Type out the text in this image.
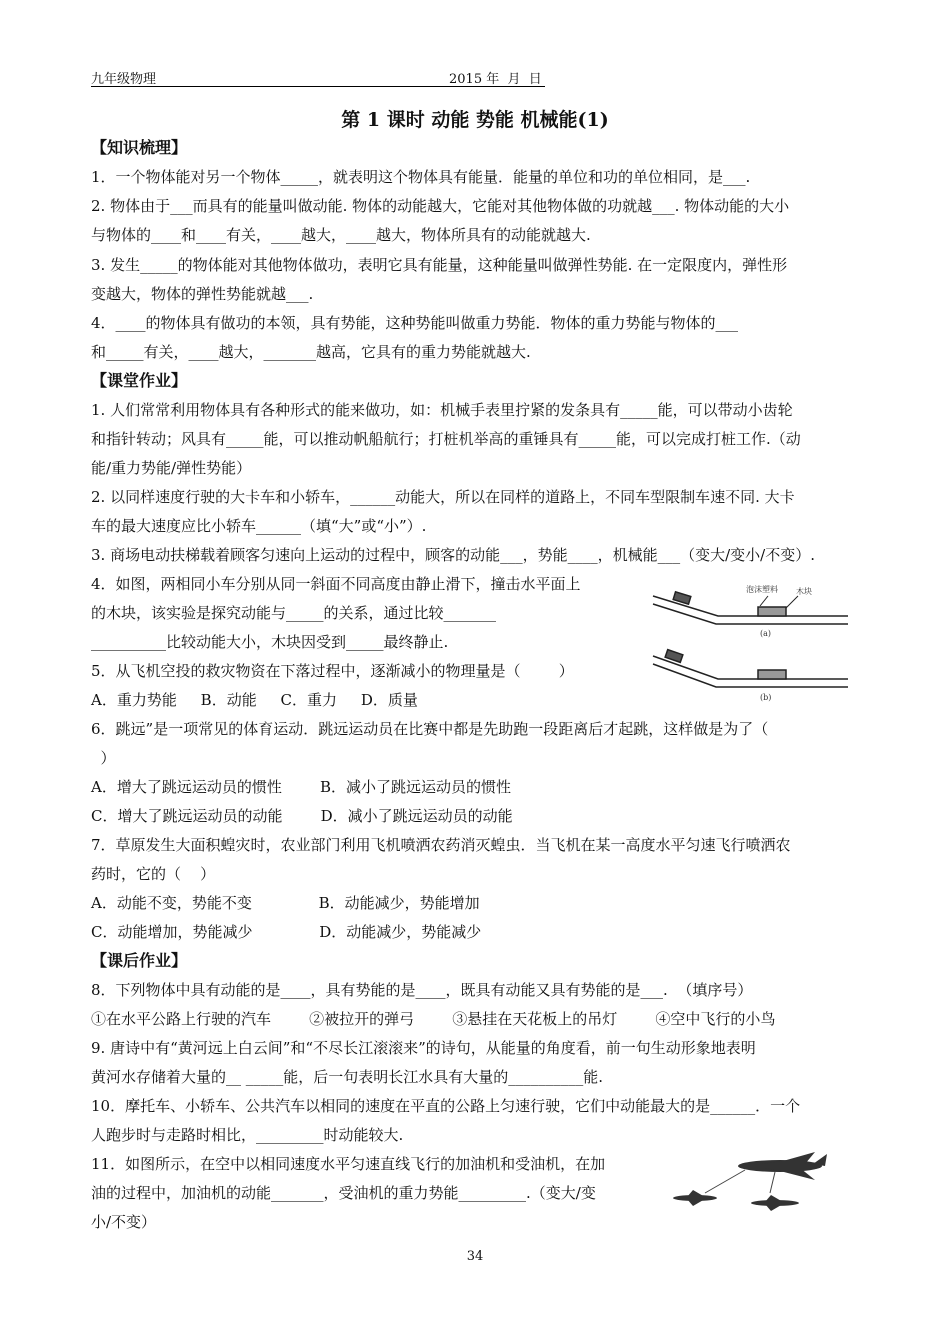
九年级物理	2015 年  月  日
第 1 课时 动能 势能 机械能(1)
【知识梳理】
1．一个物体能对另一个物体_____，就表明这个物体具有能量．能量的单位和功的单位相同，是___.
2. 物体由于___而具有的能量叫做动能. 物体的动能越大，它能对其他物体做的功就越___. 物体动能的大小
与物体的____和____有关，____越大，____越大，物体所具有的动能就越大.
3. 发生_____的物体能对其他物体做功，表明它具有能量，这种能量叫做弹性势能. 在一定限度内，弹性形
变越大，物体的弹性势能就越___.
4．____的物体具有做功的本领，具有势能，这种势能叫做重力势能．物体的重力势能与物体的___
和_____有关，____越大，_______越高，它具有的重力势能就越大.
【课堂作业】
1. 人们常常利用物体具有各种形式的能来做功，如：机械手表里拧紧的发条具有_____能，可以带动小齿轮
和指针转动；风具有_____能，可以推动帆船航行；打桩机举高的重锤具有_____能，可以完成打桩工作.（动
能/重力势能/弹性势能）
2. 以同样速度行驶的大卡车和小轿车，______动能大，所以在同样的道路上，不同车型限制车速不同. 大卡
车的最大速度应比小轿车______（填“大”或“小”）.
3. 商场电动扶梯载着顾客匀速向上运动的过程中，顾客的动能___，势能____，机械能___（变大/变小/不变）.
4．如图，两相同小车分别从同一斜面不同高度由静止滑下，撞击水平面上
的木块，该实验是探究动能与_____的关系，通过比较_______
__________比较动能大小，木块因受到_____最终静止.
5．从飞机空投的救灾物资在下落过程中，逐渐减小的物理量是（        ）
A．重力势能     B．动能     C．重力     D．质量
6．跳远”是一项常见的体育运动．跳远运动员在比赛中都是先助跑一段距离后才起跳，这样做是为了（
）
A．增大了跳远运动员的惯性        B．减小了跳远运动员的惯性
C．增大了跳远运动员的动能        D．减小了跳远运动员的动能
7．草原发生大面积蝗灾时，农业部门利用飞机喷洒农药消灭蝗虫．当飞机在某一高度水平匀速飞行喷洒农
药时，它的（    ）
A．动能不变，势能不变              B．动能减少，势能增加
C．动能增加，势能减少              D．动能减少，势能减少
【课后作业】
8．下列物体中具有动能的是____，具有势能的是____，既具有动能又具有势能的是___.  （填序号）
①在水平公路上行驶的汽车        ②被拉开的弹弓        ③悬挂在天花板上的吊灯        ④空中飞行的小鸟
9. 唐诗中有“黄河远上白云间”和“不尽长江滚滚来”的诗句，从能量的角度看，前一句生动形象地表明
黄河水存储着大量的__ _____能，后一句表明长江水具有大量的__________能.
10．摩托车、小轿车、公共汽车以相同的速度在平直的公路上匀速行驶，它们中动能最大的是______．一个
人跑步时与走路时相比，_________时动能较大.
11．如图所示，在空中以相同速度水平匀速直线飞行的加油机和受油机，在加
油的过程中，加油机的动能_______，受油机的重力势能_________.（变大/变
小/不变）
泡沫塑料 木块
(a)
(b)
34
